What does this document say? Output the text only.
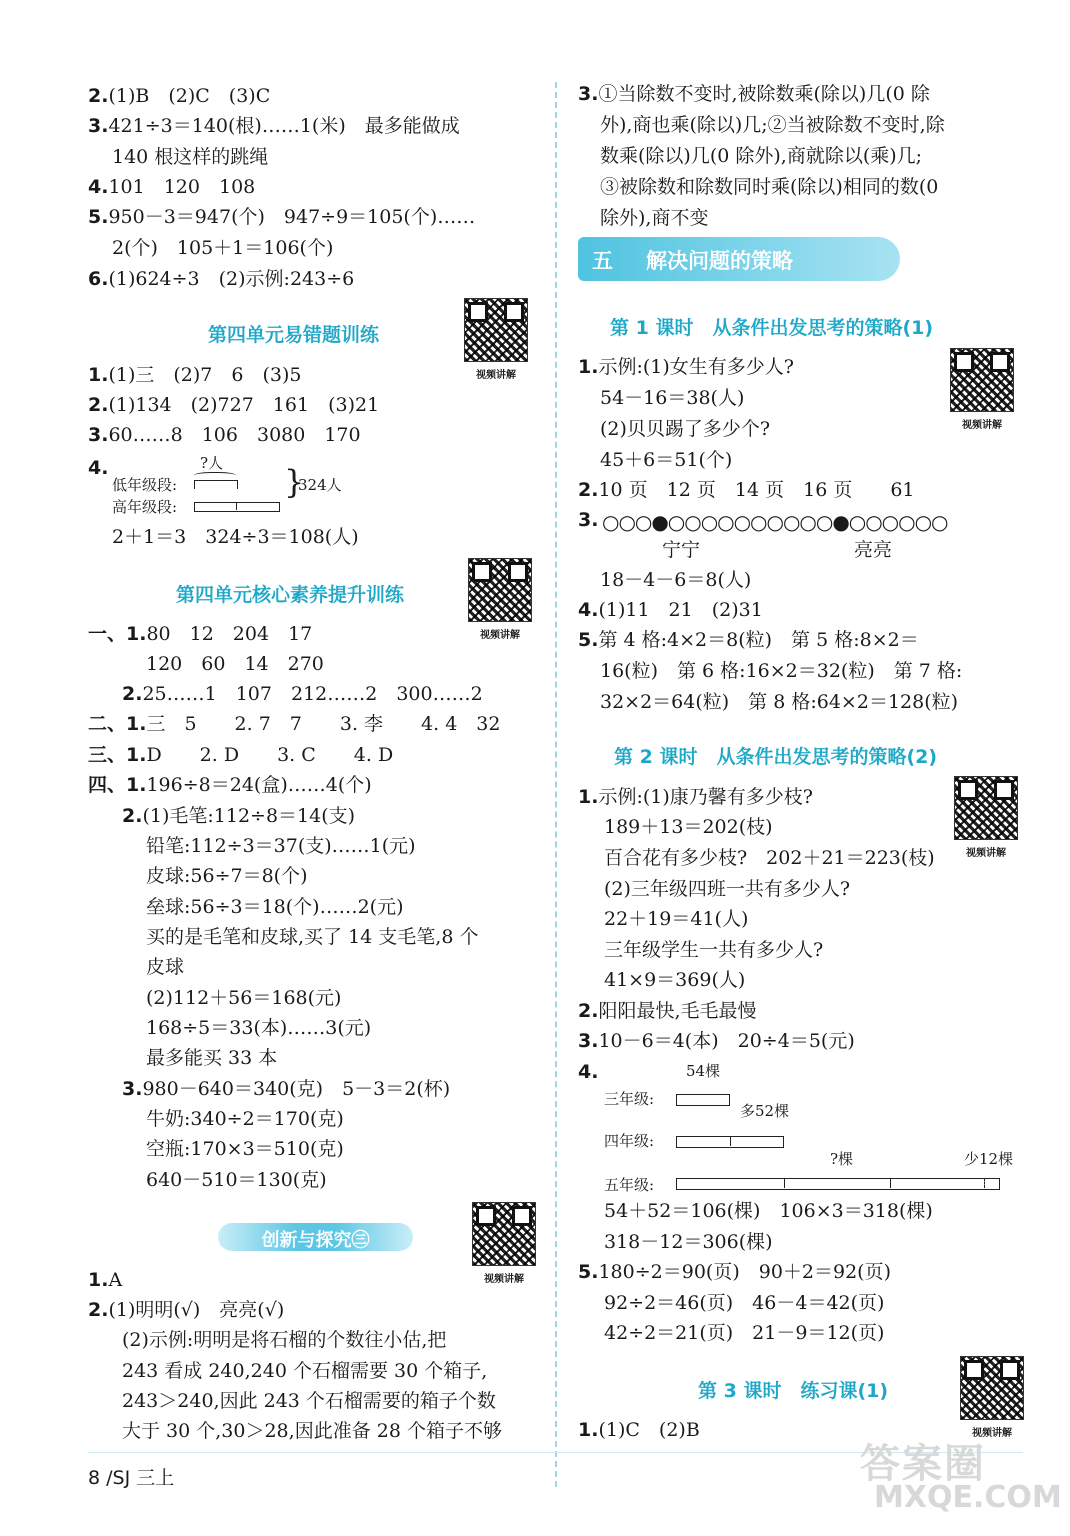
2.(1)B　(2)C　(3)C
3.421÷3＝140(根)……1(米)　最多能做成
140 根这样的跳绳
4.101　120　108
5.950－3＝947(个)　947÷9＝105(个)……
2(个)　105＋1＝106(个)
6.(1)624÷3　(2)示例:243÷6
第四单元易错题训练
视频讲解
1.(1)三　(2)7　6　(3)5
2.(1)134　(2)727　161　(3)21
3.60……8　106　3080　170
4.	?人
低年级段:
高年级段:
}
324人
2＋1＝3　324÷3＝108(人)
第四单元核心素养提升训练
视频讲解
一、1.80　12　204　17
120　60　14　270
2.25……1　107　212……2　300……2
二、1.三　5　　2. 7　7　　3. 李　　4. 4　32
三、1.D　　2. D　　3. C　　4. D
四、1.196÷8＝24(盒)……4(个)
2.(1)毛笔:112÷8＝14(支)
铅笔:112÷3＝37(支)……1(元)
皮球:56÷7＝8(个)
垒球:56÷3＝18(个)……2(元)
买的是毛笔和皮球,买了 14 支毛笔,8 个
皮球
(2)112＋56＝168(元)
168÷5＝33(本)……3(元)
最多能买 33 本
3.980－640＝340(克)　5－3＝2(杯)
牛奶:340÷2＝170(克)
空瓶:170×3＝510(克)
640－510＝130(克)
视频讲解
1.A
2.(1)明明(√)　亮亮(√)
(2)示例:明明是将石榴的个数往小估,把
243 看成 240,240 个石榴需要 30 个箱子,
243＞240,因此 243 个石榴需要的箱子个数
大于 30 个,30＞28,因此准备 28 个箱子不够
创新与探究㊂
3.①当除数不变时,被除数乘(除以)几(0 除
外),商也乘(除以)几;②当被除数不变时,除
数乘(除以)几(0 除外),商就除以(乘)几;
③被除数和除数同时乘(除以)相同的数(0
除外),商不变
第 1 课时　从条件出发思考的策略(1)
视频讲解
1.示例:(1)女生有多少人?
54－16＝38(人)
(2)贝贝踢了多少个?
45＋6＝51(个)
2.10 页　12 页　14 页　16 页　　61
3. ○○○●○○○○○○○○○○●○○○○○○
宁宁	亮亮
18－4－6＝8(人)
4.(1)11　21　(2)31
5.第 4 格:4×2＝8(粒)　第 5 格:8×2＝
16(粒)　第 6 格:16×2＝32(粒)　第 7 格:
32×2＝64(粒)　第 8 格:64×2＝128(粒)
第 2 课时　从条件出发思考的策略(2)
视频讲解
1.示例:(1)康乃馨有多少枝?
189＋13＝202(枝)
百合花有多少枝?　202＋21＝223(枝)
(2)三年级四班一共有多少人?
22＋19＝41(人)
三年级学生一共有多少人?
41×9＝369(人)
2.阳阳最快,毛毛最慢
3.10－6＝4(本)　20÷4＝5(元)
4.	54棵
三年级:
多52棵
四年级:
?棵	少12棵
五年级:
54＋52＝106(棵)　106×3＝318(棵)
318－12＝306(棵)
5.180÷2＝90(页)　90＋2＝92(页)
92÷2＝46(页)　46－4＝42(页)
42÷2＝21(页)　21－9＝12(页)
第 3 课时　练习课(1)
视频讲解
1.(1)C　(2)B
五 解决问题的策略
8 /SJ 三上	答案圈
MXQE.COM
